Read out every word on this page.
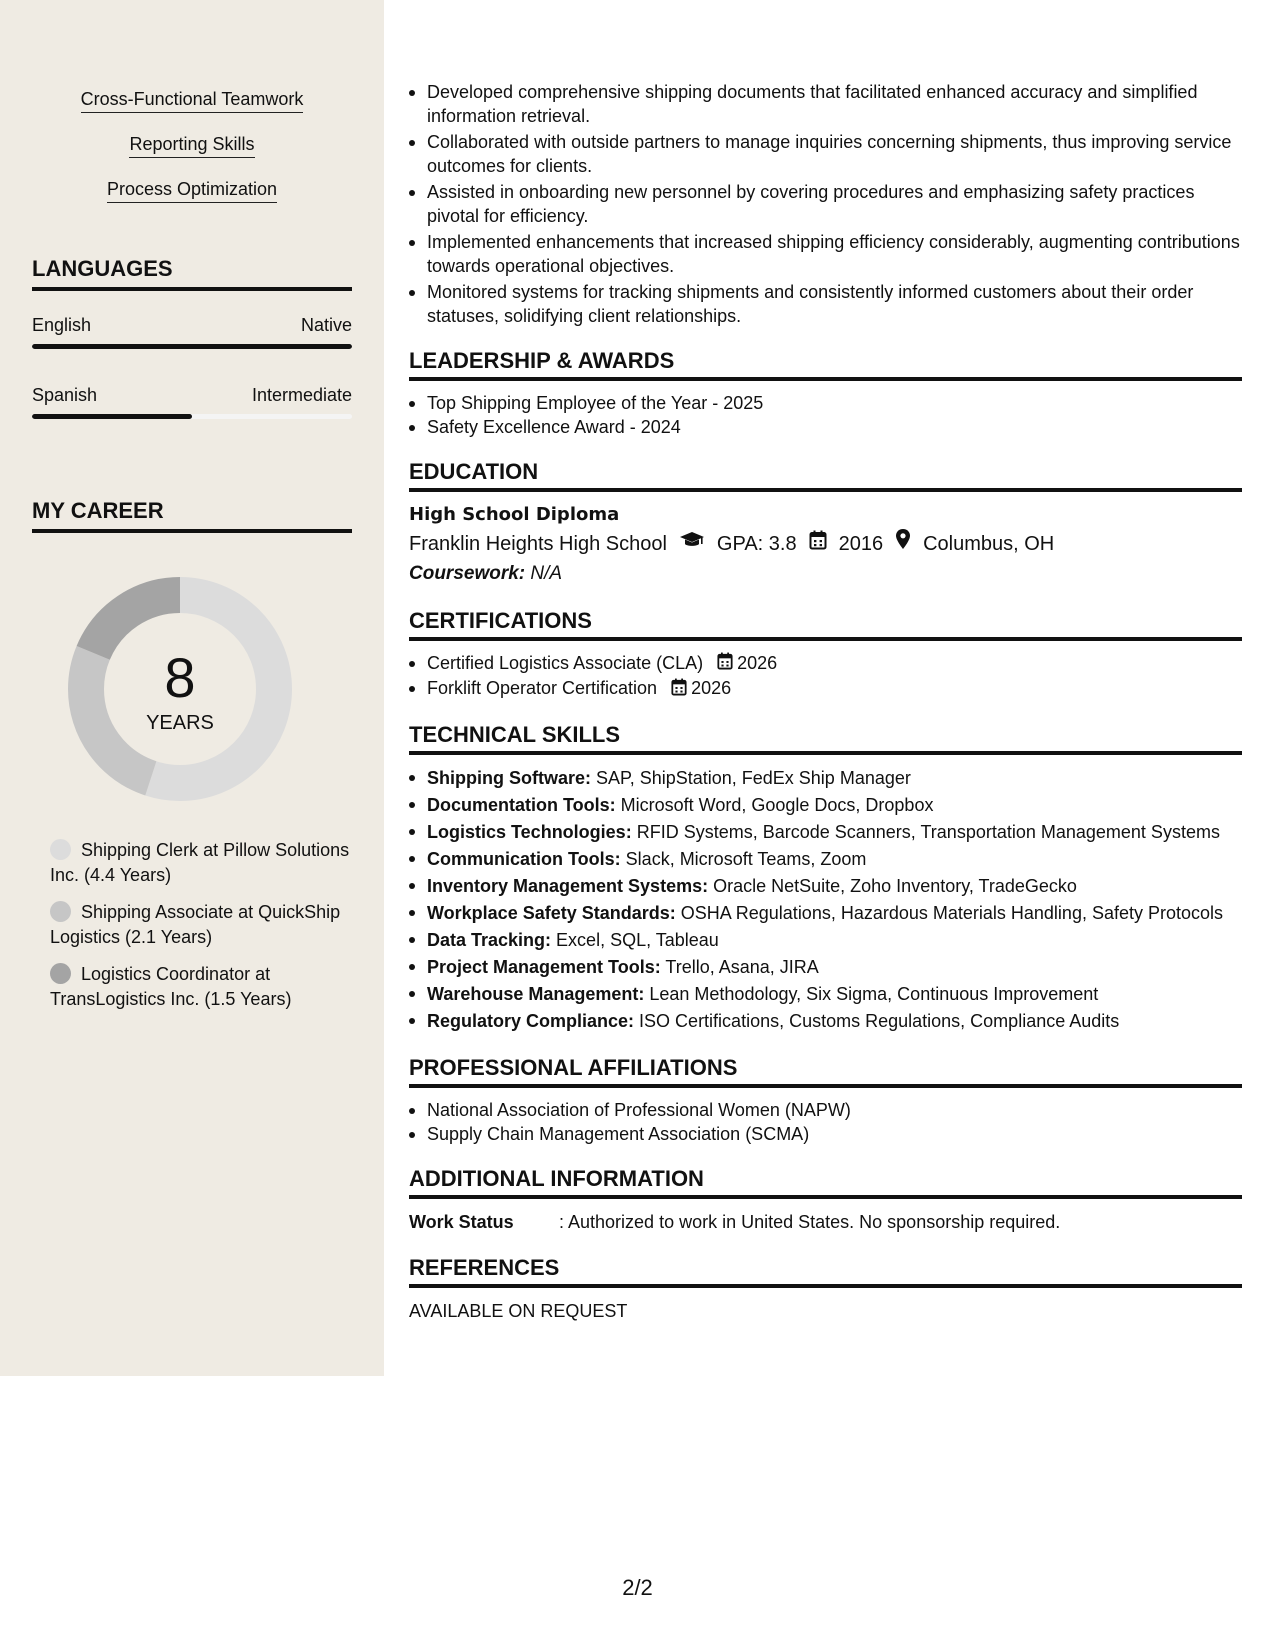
Cross-Functional Teamwork
Reporting Skills
Process Optimization
LANGUAGES
English	Native
Spanish	Intermediate
MY CAREER
8
YEARS
Shipping Clerk at Pillow Solutions Inc. (4.4 Years)
Shipping Associate at QuickShip Logistics (2.1 Years)
Logistics Coordinator at TransLogistics Inc. (1.5 Years)
Developed comprehensive shipping documents that facilitated enhanced accuracy and simplified information retrieval.
Collaborated with outside partners to manage inquiries concerning shipments, thus improving service outcomes for clients.
Assisted in onboarding new personnel by covering procedures and emphasizing safety practices pivotal for efficiency.
Implemented enhancements that increased shipping efficiency considerably, augmenting contributions towards operational objectives.
Monitored systems for tracking shipments and consistently informed customers about their order statuses, solidifying client relationships.
LEADERSHIP & AWARDS
Top Shipping Employee of the Year - 2025
Safety Excellence Award - 2024
EDUCATION
High School Diploma
Franklin Heights High School	GPA: 3.8 2016 Columbus, OH
Coursework: N/A
CERTIFICATIONS
Certified Logistics Associate (CLA) 2026
Forklift Operator Certification 2026
TECHNICAL SKILLS
Shipping Software: SAP, ShipStation, FedEx Ship Manager
Documentation Tools: Microsoft Word, Google Docs, Dropbox
Logistics Technologies: RFID Systems, Barcode Scanners, Transportation Management Systems
Communication Tools: Slack, Microsoft Teams, Zoom
Inventory Management Systems: Oracle NetSuite, Zoho Inventory, TradeGecko
Workplace Safety Standards: OSHA Regulations, Hazardous Materials Handling, Safety Protocols
Data Tracking: Excel, SQL, Tableau
Project Management Tools: Trello, Asana, JIRA
Warehouse Management: Lean Methodology, Six Sigma, Continuous Improvement
Regulatory Compliance: ISO Certifications, Customs Regulations, Compliance Audits
PROFESSIONAL AFFILIATIONS
National Association of Professional Women (NAPW)
Supply Chain Management Association (SCMA)
ADDITIONAL INFORMATION
Work Status	: Authorized to work in United States. No sponsorship required.
REFERENCES
AVAILABLE ON REQUEST
2/2
